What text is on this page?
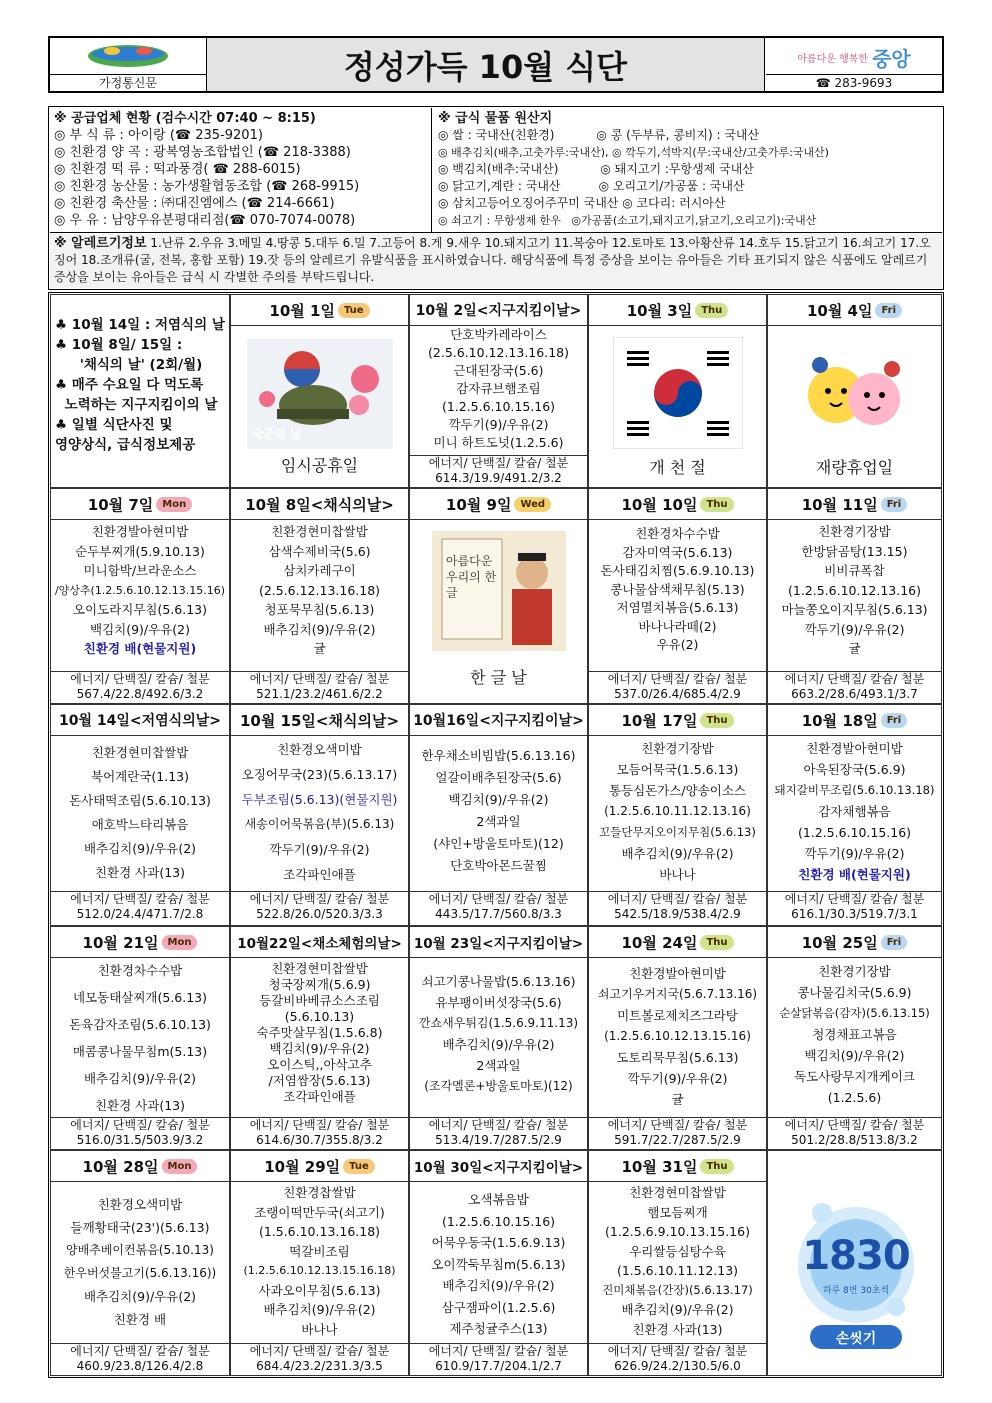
가정통신문	정성가득 10월 식단	아름다운 행복한 중앙
☎ 283-9693
※ 공급업체 현황 (검수시간 07:40 ~ 8:15)
◎ 부 식 류 : 아이랑 (☎ 235-9201)
◎ 친환경 양 곡 : 광복영농조합법인 (☎ 218-3388)
◎ 친환경 떡 류 : 떡과풍경( ☎ 288-6015)
◎ 친환경 농산물 : 농가생활협동조합 (☎ 268-9915)
◎ 친환경 축산물 : ㈜대진엠에스 (☎ 214-6661)
◎ 우 유 : 남양우유분평대리점(☎ 070-7074-0078)
※ 급식 물품 원산지
◎ 쌀 : 국내산(친환경)           ◎ 콩 (두부류, 콩비지) : 국내산
◎ 배추김치(배추,고춧가루:국내산), ◎ 깍두기,석박지(무:국내산/고춧가루:국내산)
◎ 백김치(배추:국내산)           ◎ 돼지고기 :무항생제 국내산
◎ 닭고기,계란 : 국내산          ◎ 오리고기/가공품 : 국내산
◎ 삼치고등어오징어주꾸미 국내산 ◎ 코다리: 러시아산
◎ 쇠고기 : 무항생제 한우   ◎가공품(소고기,돼지고기,닭고기,오리고기):국내산
※ 알레르기정보 1.난류 2.우유 3.메밀 4.땅콩 5.대두 6.밀 7.고등어 8.게 9.새우 10.돼지고기 11.복숭아 12.토마토 13.아황산류 14.호두 15.닭고기 16.쇠고기 17.오징어 18.조개류(굴, 전복, 홍합 포함) 19.잣 등의 알레르기 유발식품을 표시하였습니다. 해당식품에 특정 증상을 보이는 유아들은 기타 표기되지 않은 식품에도 알레르기 증상을 보이는 유아들은 급식 시 각별한 주의를 부탁드립니다.
♣ 10월 14일 : 저염식의 날
♣ 10월 8일/ 15일 :
'채식의 날' (2회/월)
♣ 매주 수요일 다 먹도록
노력하는 지구지킴이의 날
♣ 일별 식단사진 및
영양상식, 급식정보제공
10월 1일 Tue
국군의 날
임시공휴일
10월 2일<지구지킴이날>
단호박카레라이스
(2.5.6.10.12.13.16.18)
근대된장국(5.6)
감자큐브햄조림
(1.2.5.6.10.15.16)
깍두기(9)/우유(2)
미니 하트도넛(1.2.5.6)
에너지/ 단백질/ 칼슘/ 철분
614.3/19.9/491.2/3.2
10월 3일 Thu
개 천 절
10월 4일 Fri
재량휴업일
10월 7일 Mon
친환경발아현미밥
순두부찌개(5.9.10.13)
미니함박/브라운소스
/양상추(1.2.5.6.10.12.13.15.16)
오이도라지무침(5.6.13)
백김치(9)/우유(2)
친환경 배(현물지원)
에너지/ 단백질/ 칼슘/ 철분
567.4/22.8/492.6/3.2
10월 8일<채식의날>
친환경현미찹쌀밥
삼색수제비국(5.6)
삼치카레구이
(2.5.6.12.13.16.18)
청포묵무침(5.6.13)
배추김치(9)/우유(2)
귤
에너지/ 단백질/ 칼슘/ 철분
521.1/23.2/461.6/2.2
10월 9일 Wed
아름다운 우리의 한글
한 글 날
10월 10일 Thu
친환경차수수밥
감자미역국(5.6.13)
돈사태김치찜(5.6.9.10.13)
콩나물삼색채무침(5.13)
저염멸치볶음(5.6.13)
바나나라떼(2)
우유(2)
에너지/ 단백질/ 칼슘/ 철분
537.0/26.4/685.4/2.9
10월 11일 Fri
친환경기장밥
한방닭곰탕(13.15)
비비큐폭찹
(1.2.5.6.10.12.13.16)
마늘쫑오이지무침(5.6.13)
깍두기(9)/우유(2)
귤
에너지/ 단백질/ 칼슘/ 철분
663.2/28.6/493.1/3.7
10월 14일<저염식의날>
친환경현미찹쌀밥
북어계란국(1.13)
돈사태떡조림(5.6.10.13)
애호박느타리볶음
배추김치(9)/우유(2)
친환경 사과(13)
에너지/ 단백질/ 칼슘/ 철분
512.0/24.4/471.7/2.8
10월 15일<채식의날>
친환경오색미밥
오징어무국(23)(5.6.13.17)
두부조림(5.6.13)(현물지원)
새송이어묵볶음(부)(5.6.13)
깍두기(9)/우유(2)
조각파인애플
에너지/ 단백질/ 칼슘/ 철분
522.8/26.0/520.3/3.3
10월16일<지구지킴이날>
한우채소비빔밥(5.6.13.16)
얼갈이배추된장국(5.6)
백김치(9)/우유(2)
2색과일
(샤인+방울토마토)(12)
단호박아몬드꿀찜
에너지/ 단백질/ 칼슘/ 철분
443.5/17.7/560.8/3.3
10월 17일 Thu
친환경기장밥
모듬어묵국(1.5.6.13)
통등심돈가스/양송이소스
(1.2.5.6.10.11.12.13.16)
꼬들단무지오이지무침(5.6.13)
배추김치(9)/우유(2)
바나나
에너지/ 단백질/ 칼슘/ 철분
542.5/18.9/538.4/2.9
10월 18일 Fri
친환경발아현미밥
아욱된장국(5.6.9)
돼지갈비무조림(5.6.10.13.18)
감자채햄볶음
(1.2.5.6.10.15.16)
깍두기(9)/우유(2)
친환경 배(현물지원)
에너지/ 단백질/ 칼슘/ 철분
616.1/30.3/519.7/3.1
10월 21일 Mon
친환경차수수밥
네모동태살찌개(5.6.13)
돈육감자조림(5.6.10.13)
매콤콩나물무침m(5.13)
배추김치(9)/우유(2)
친환경 사과(13)
에너지/ 단백질/ 칼슘/ 철분
516.0/31.5/503.9/3.2
10월22일<채소체험의날>
친환경현미찹쌀밥
청국장찌개(5.6.9)
등갈비바베큐소스조림
(5.6.10.13)
숙주맛살무침(1.5.6.8)
백김치(9)/우유(2)
오이스틱,,아삭고추
/저염쌈장(5.6.13)
조각파인애플
에너지/ 단백질/ 칼슘/ 철분
614.6/30.7/355.8/3.2
10월 23일<지구지킴이날>
쇠고기콩나물밥(5.6.13.16)
유부팽이버섯장국(5.6)
깐쇼새우튀김(1.5.6.9.11.13)
배추김치(9)/우유(2)
2색과일
(조각멜론+방울토마토)(12)
에너지/ 단백질/ 칼슘/ 철분
513.4/19.7/287.5/2.9
10월 24일 Thu
친환경발아현미밥
쇠고기우거지국(5.6.7.13.16)
미트볼로제치즈그라탕
(1.2.5.6.10.12.13.15.16)
도토리묵무침(5.6.13)
깍두기(9)/우유(2)
귤
에너지/ 단백질/ 칼슘/ 철분
591.7/22.7/287.5/2.9
10월 25일 Fri
친환경기장밥
콩나물김치국(5.6.9)
순살닭볶음(감자)(5.6.13.15)
청경채표고볶음
백김치(9)/우유(2)
독도사랑무지개케이크
(1.2.5.6)
에너지/ 단백질/ 칼슘/ 철분
501.2/28.8/513.8/3.2
10월 28일 Mon
친환경오색미밥
들깨황태국(23')(5.6.13)
양배추베이컨볶음(5.10.13)
한우버섯불고기(5.6.13.16))
배추김치(9)/우유(2)
친환경 배
에너지/ 단백질/ 칼슘/ 철분
460.9/23.8/126.4/2.8
10월 29일 Tue
친환경찹쌀밥
조랭이떡만두국(쇠고기)
(1.5.6.10.13.16.18)
떡갈비조림
(1.2.5.6.10.12.13.15.16.18)
사과오이무침(5.6.13)
배추김치(9)/우유(2)
바나나
에너지/ 단백질/ 칼슘/ 철분
684.4/23.2/231.3/3.5
10월 30일<지구지킴이날>
오색볶음밥
(1.2.5.6.10.15.16)
어묵우동국(1.5.6.9.13)
오이깍둑무침m(5.6.13)
배추김치(9)/우유(2)
삼구잼파이(1.2.5.6)
제주청귤주스(13)
에너지/ 단백질/ 칼슘/ 철분
610.9/17.7/204.1/2.7
10월 31일 Thu
친환경현미찹쌀밥
햄모듬찌개
(1.2.5.6.9.10.13.15.16)
우리쌀등심탕수육
(1.5.6.10.11.12.13)
진미채볶음(간장)(5.6.13.17)
배추김치(9)/우유(2)
친환경 사과(13)
에너지/ 단백질/ 칼슘/ 철분
626.9/24.2/130.5/6.0
1830
하루 8번 30초씩
손씻기
